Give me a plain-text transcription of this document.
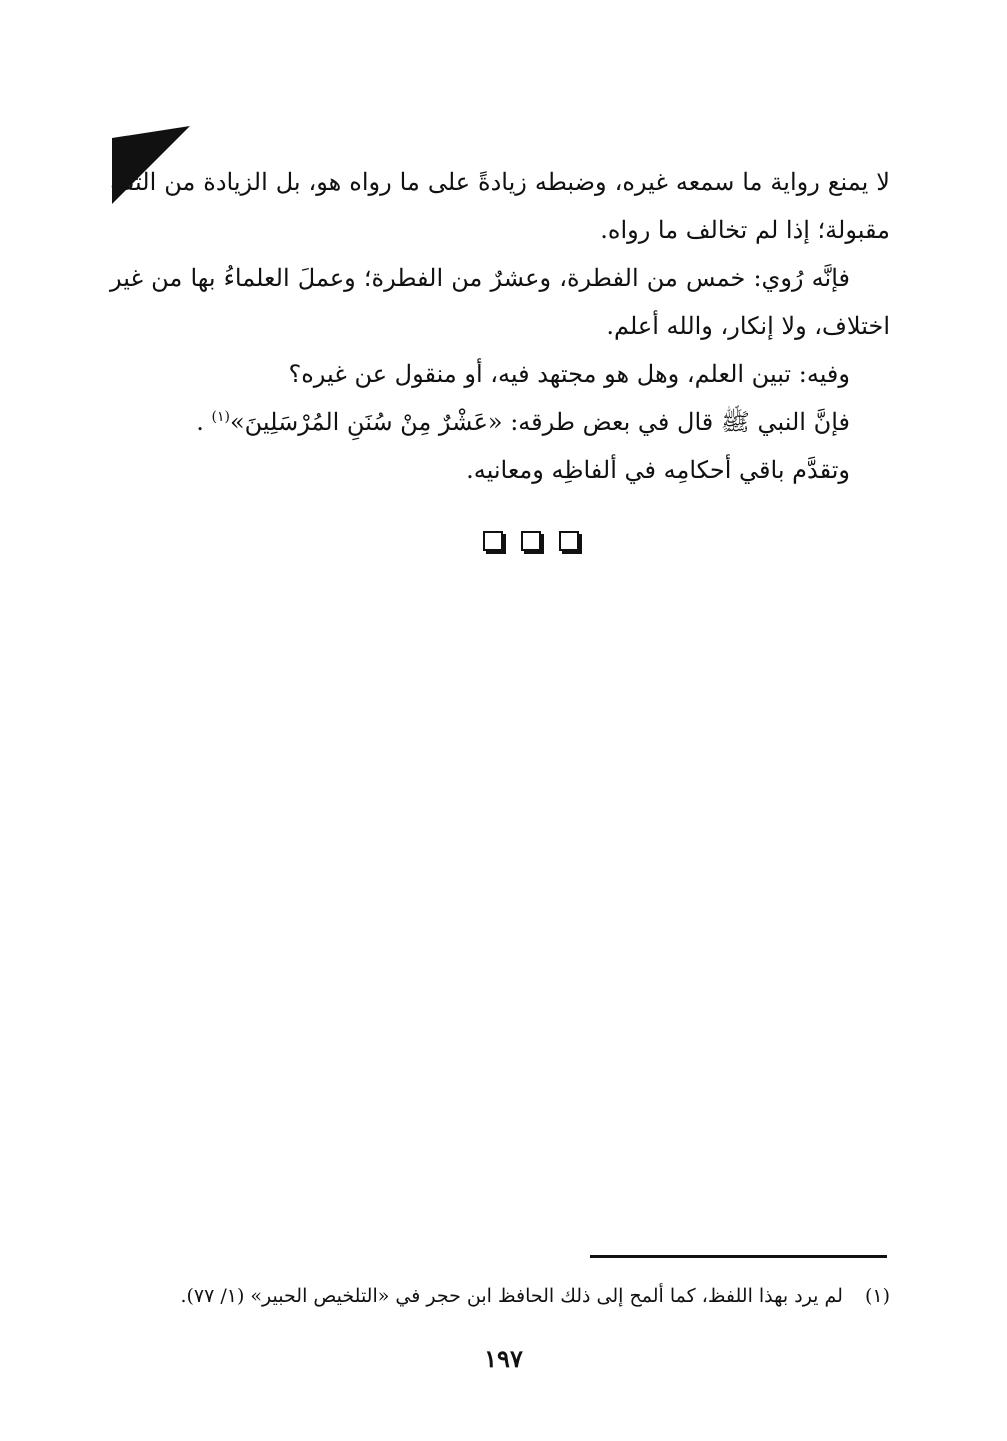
لا يمنع رواية ما سمعه غيره، وضبطه زيادةً على ما رواه هو، بل الزيادة من الثقة
مقبولة؛ إذا لم تخالف ما رواه.
فإنَّه رُوي: خمس من الفطرة، وعشرٌ من الفطرة؛ وعملَ العلماءُ بها من غير
اختلاف، ولا إنكار، والله أعلم.
وفيه: تبين العلم، وهل هو مجتهد فيه، أو منقول عن غيره؟
فإنَّ النبي ﷺ قال في بعض طرقه: «عَشْرٌ مِنْ سُنَنِ المُرْسَلِينَ»$^{(١)}$ .
وتقدَّم باقي أحكامِه في ألفاظِه ومعانيه.
(١)لم يرد بهذا اللفظ، كما ألمح إلى ذلك الحافظ ابن حجر في «التلخيص الحبير» (١/ ٧٧).
١٩٧
